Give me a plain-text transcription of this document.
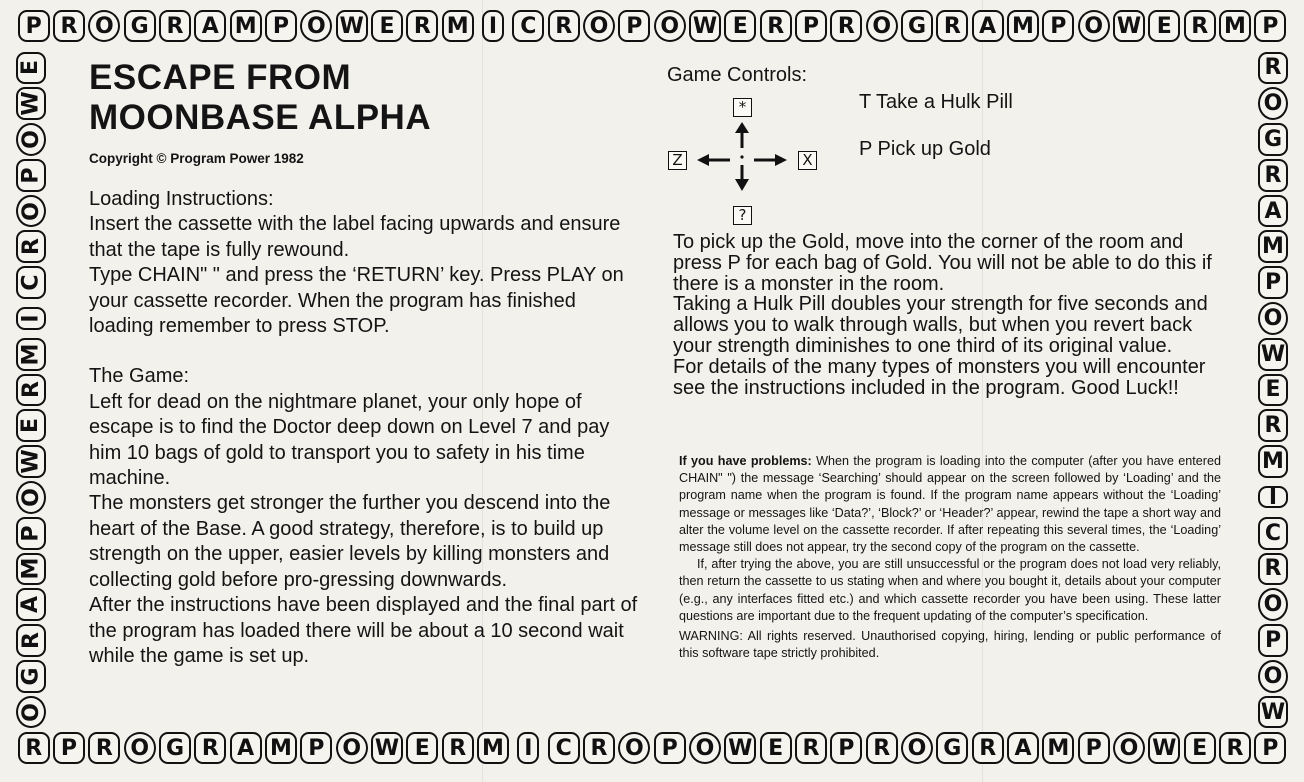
P R O G R A M P O W E R M I C R O P O W E R P R O G R A M P O W E R M P
R P R O G R A M P O W E R M I C R O P O W E R P R O G R A M P O W E R P
E
W
O
P
O
R
C
I
M
R
E
W
O
P
M
A
R
G
O
R
O
G
R
A
M
P
O
W
E
R
M
I
C
R
O
P
O
W
ESCAPE FROM
MOONBASE ALPHA
Copyright © Program Power 1982

Loading Instructions:

Insert the cassette with the label facing upwards and ensure that the tape is fully rewound.

Type CHAIN" " and press the ‘RETURN’ key. Press PLAY on your cassette recorder. When the program has finished loading remember to press STOP.

The Game:

Left for dead on the nightmare planet, your only hope of escape is to find the Doctor deep down on Level 7 and pay him 10 bags of gold to transport you to safety in his time machine.

The monsters get stronger the further you descend into the heart of the Base. A good strategy, therefore, is to build up strength on the upper, easier levels by killing monsters and collecting gold before pro-gressing downwards.

After the instructions have been displayed and the final part of the program has loaded there will be about a 10 second wait while the game is set up.

Game Controls:
*
Z	X
?
T Take a Hulk Pill
P Pick up Gold

To pick up the Gold, move into the corner of the room and press P for each bag of Gold. You will not be able to do this if there is a monster in the room.

Taking a Hulk Pill doubles your strength for five seconds and allows you to walk through walls, but when you revert back your strength diminishes to one third of its original value.

For details of the many types of monsters you will encounter see the instructions included in the program. Good Luck!!

If you have problems: When the program is loading into the computer (after you have entered CHAIN" ") the message ‘Searching’ should appear on the screen followed by ‘Loading’ and the program name when the program is found. If the program name appears without the ‘Loading’ message or messages like ‘Data?’, ‘Block?’ or ‘Header?’ appear, rewind the tape a short way and alter the volume level on the cassette recorder. If after repeating this several times, the ‘Loading’ message still does not appear, try the second copy of the program on the cassette.

If, after trying the above, you are still unsuccessful or the program does not load very reliably, then return the cassette to us stating when and where you bought it, details about your computer (e.g., any interfaces fitted etc.) and which cassette recorder you have been using. These latter questions are important due to the frequent updating of the computer’s specification.

WARNING: All rights reserved. Unauthorised copying, hiring, lending or public performance of this software tape strictly prohibited.
